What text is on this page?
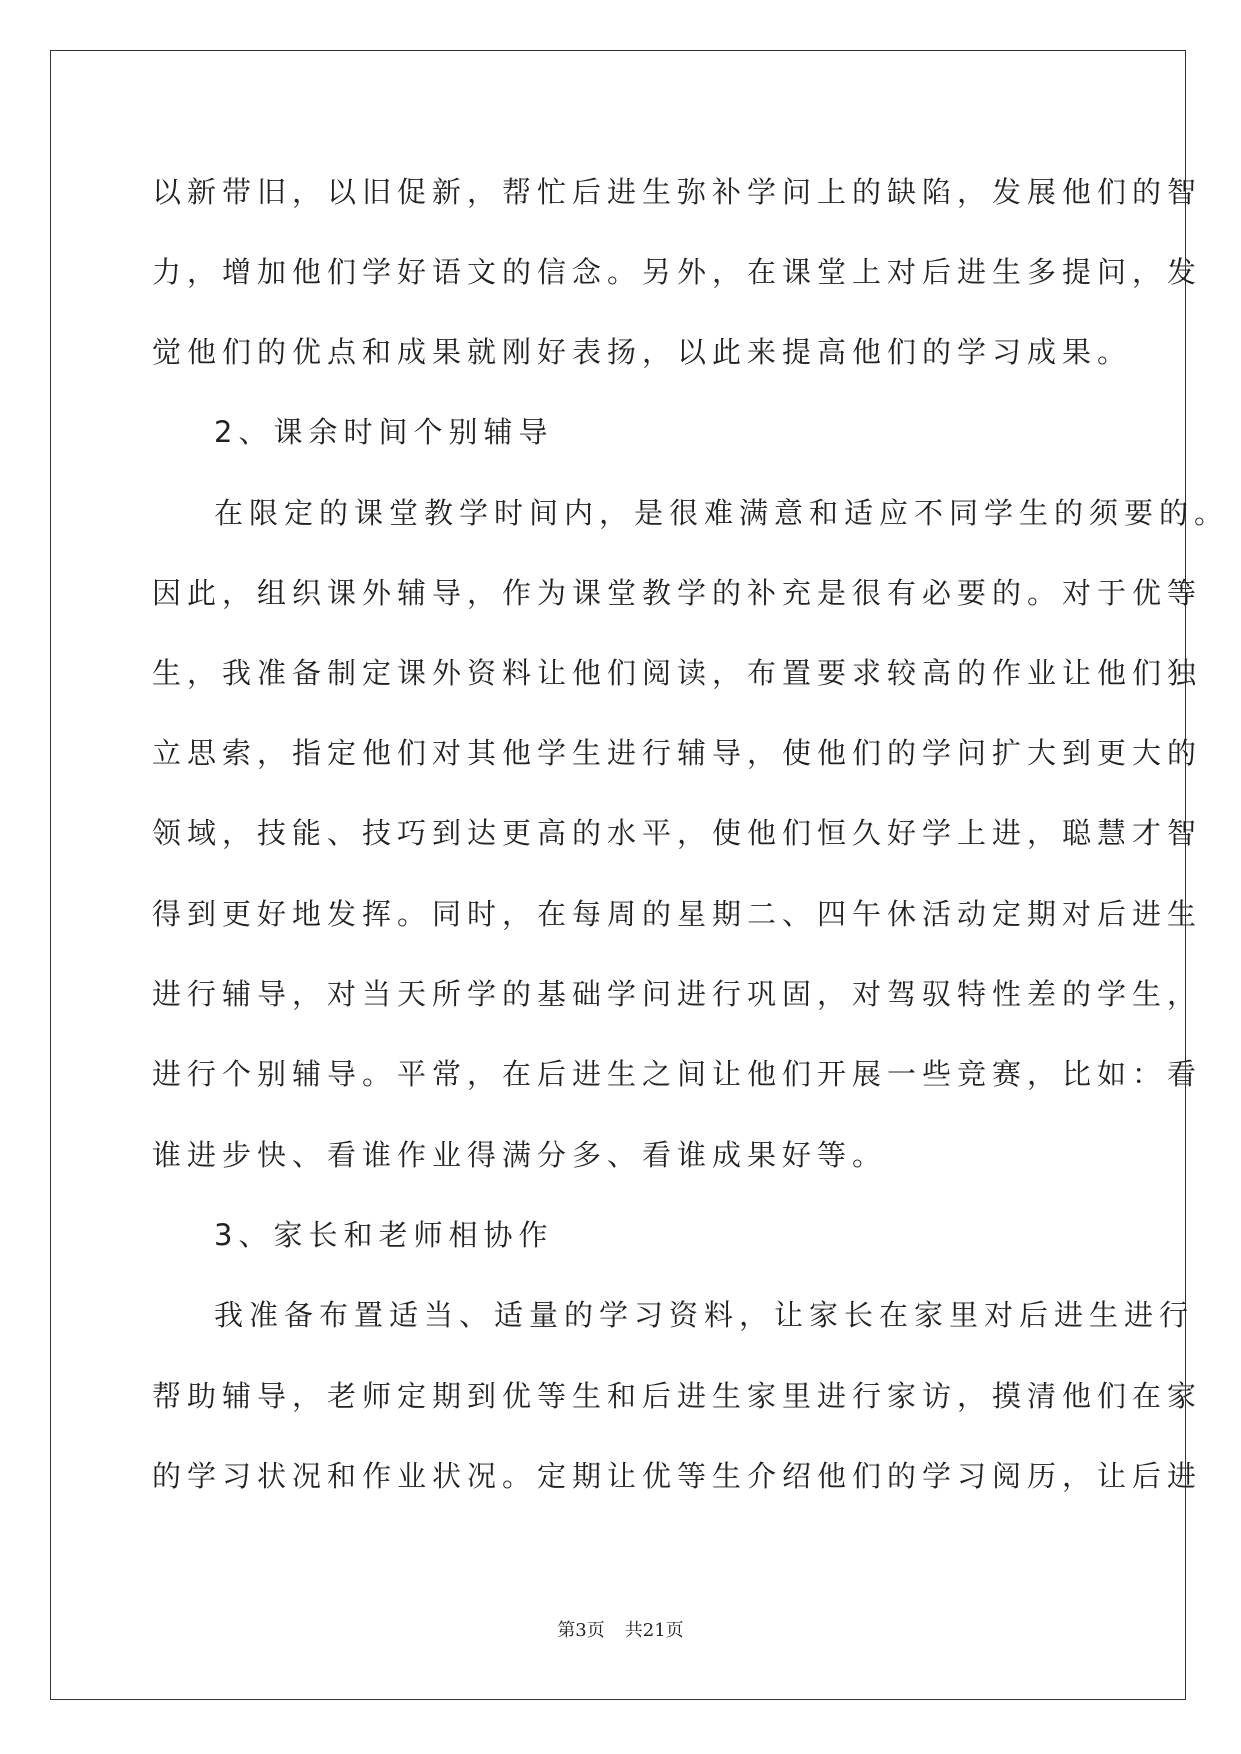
以新带旧，以旧促新，帮忙后进生弥补学问上的缺陷，发展他们的智
力，增加他们学好语文的信念。另外，在课堂上对后进生多提问，发
觉他们的优点和成果就刚好表扬，以此来提高他们的学习成果。
2、课余时间个别辅导
在限定的课堂教学时间内，是很难满意和适应不同学生的须要的。
因此，组织课外辅导，作为课堂教学的补充是很有必要的。对于优等
生，我准备制定课外资料让他们阅读，布置要求较高的作业让他们独
立思索，指定他们对其他学生进行辅导，使他们的学问扩大到更大的
领域，技能、技巧到达更高的水平，使他们恒久好学上进，聪慧才智
得到更好地发挥。同时，在每周的星期二、四午休活动定期对后进生
进行辅导，对当天所学的基础学问进行巩固，对驾驭特性差的学生，
进行个别辅导。平常，在后进生之间让他们开展一些竞赛，比如：看
谁进步快、看谁作业得满分多、看谁成果好等。
3、家长和老师相协作
我准备布置适当、适量的学习资料，让家长在家里对后进生进行
帮助辅导，老师定期到优等生和后进生家里进行家访，摸清他们在家
的学习状况和作业状况。定期让优等生介绍他们的学习阅历，让后进
第3页 共21页
